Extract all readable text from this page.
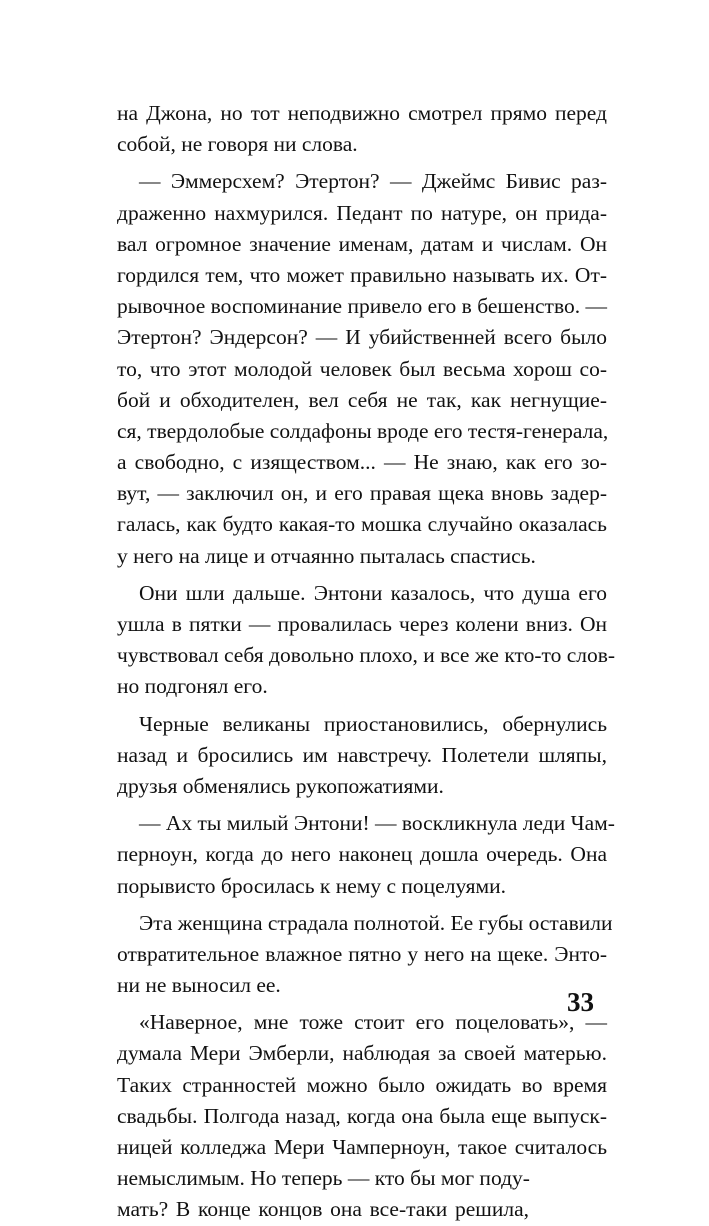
на Джона, но тот неподвижно смотрел прямо перед
собой, не говоря ни слова.
— Эммерсхем? Этертон? — Джеймс Бивис раз-
драженно нахмурился. Педант по натуре, он прида-
вал огромное значение именам, датам и числам. Он
гордился тем, что может правильно называть их. От-
рывочное воспоминание привело его в бешенство. —
Этертон? Эндерсон? — И убийственней всего было
то, что этот молодой человек был весьма хорош со-
бой и обходителен, вел себя не так, как негнущие-
ся, твердолобые солдафоны вроде его тестя-генерала,
а свободно, с изяществом... — Не знаю, как его зо-
вут, — заключил он, и его правая щека вновь задер-
галась, как будто какая-то мошка случайно оказалась
у него на лице и отчаянно пыталась спастись.
Они шли дальше. Энтони казалось, что душа его
ушла в пятки — провалилась через колени вниз. Он
чувствовал себя довольно плохо, и все же кто-то слов-
но подгонял его.
Черные великаны приостановились, обернулись
назад и бросились им навстречу. Полетели шляпы,
друзья обменялись рукопожатиями.
— Ах ты милый Энтони! — воскликнула леди Чам-
перноун, когда до него наконец дошла очередь. Она
порывисто бросилась к нему с поцелуями.
Эта женщина страдала полнотой. Ее губы оставили
отвратительное влажное пятно у него на щеке. Энто-
ни не выносил ее.
«Наверное, мне тоже стоит его поцеловать», —
думала Мери Эмберли, наблюдая за своей матерью.
Таких странностей можно было ожидать во время
свадьбы. Полгода назад, когда она была еще выпуск-
ницей колледжа Мери Чамперноун, такое считалось
немыслимым. Но теперь — кто бы мог поду-
мать? В конце концов она все-таки решила,
33
